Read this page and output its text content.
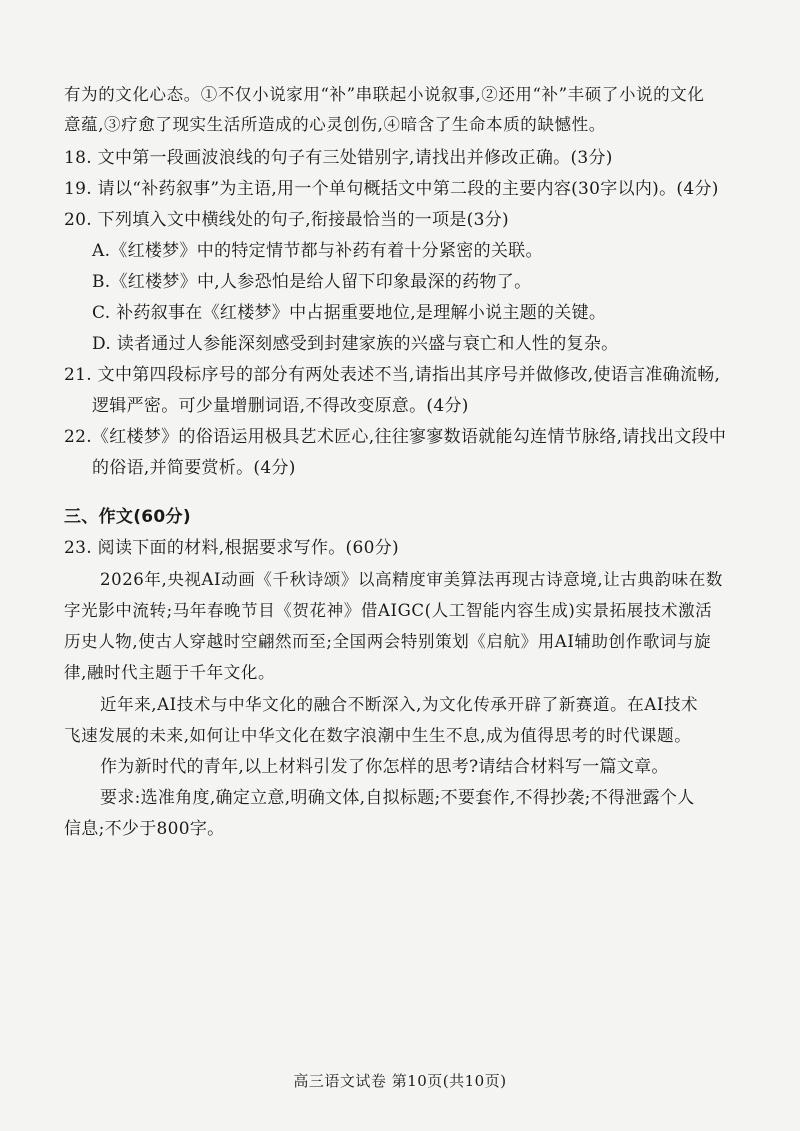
有为的文化心态。①不仅小说家用“补”串联起小说叙事,②还用“补”丰硕了小说的文化
意蕴,③疗愈了现实生活所造成的心灵创伤,④暗含了生命本质的缺憾性。
18. 文中第一段画波浪线的句子有三处错别字,请找出并修改正确。(3分)
19. 请以“补药叙事”为主语,用一个单句概括文中第二段的主要内容(30字以内)。(4分)
20. 下列填入文中横线处的句子,衔接最恰当的一项是(3分)
A.《红楼梦》中的特定情节都与补药有着十分紧密的关联。
B.《红楼梦》中,人参恐怕是给人留下印象最深的药物了。
C. 补药叙事在《红楼梦》中占据重要地位,是理解小说主题的关键。
D. 读者通过人参能深刻感受到封建家族的兴盛与衰亡和人性的复杂。
21. 文中第四段标序号的部分有两处表述不当,请指出其序号并做修改,使语言准确流畅,
逻辑严密。可少量增删词语,不得改变原意。(4分)
22.《红楼梦》的俗语运用极具艺术匠心,往往寥寥数语就能勾连情节脉络,请找出文段中
的俗语,并简要赏析。(4分)
三、作文(60分)
23. 阅读下面的材料,根据要求写作。(60分)
2026年,央视AI动画《千秋诗颂》以高精度审美算法再现古诗意境,让古典韵味在数
字光影中流转;马年春晚节目《贺花神》借AIGC(人工智能内容生成)实景拓展技术激活
历史人物,使古人穿越时空翩然而至;全国两会特别策划《启航》用AI辅助创作歌词与旋
律,融时代主题于千年文化。
近年来,AI技术与中华文化的融合不断深入,为文化传承开辟了新赛道。在AI技术
飞速发展的未来,如何让中华文化在数字浪潮中生生不息,成为值得思考的时代课题。
作为新时代的青年,以上材料引发了你怎样的思考?请结合材料写一篇文章。
要求:选准角度,确定立意,明确文体,自拟标题;不要套作,不得抄袭;不得泄露个人
信息;不少于800字。
高三语文试卷 第10页(共10页)
